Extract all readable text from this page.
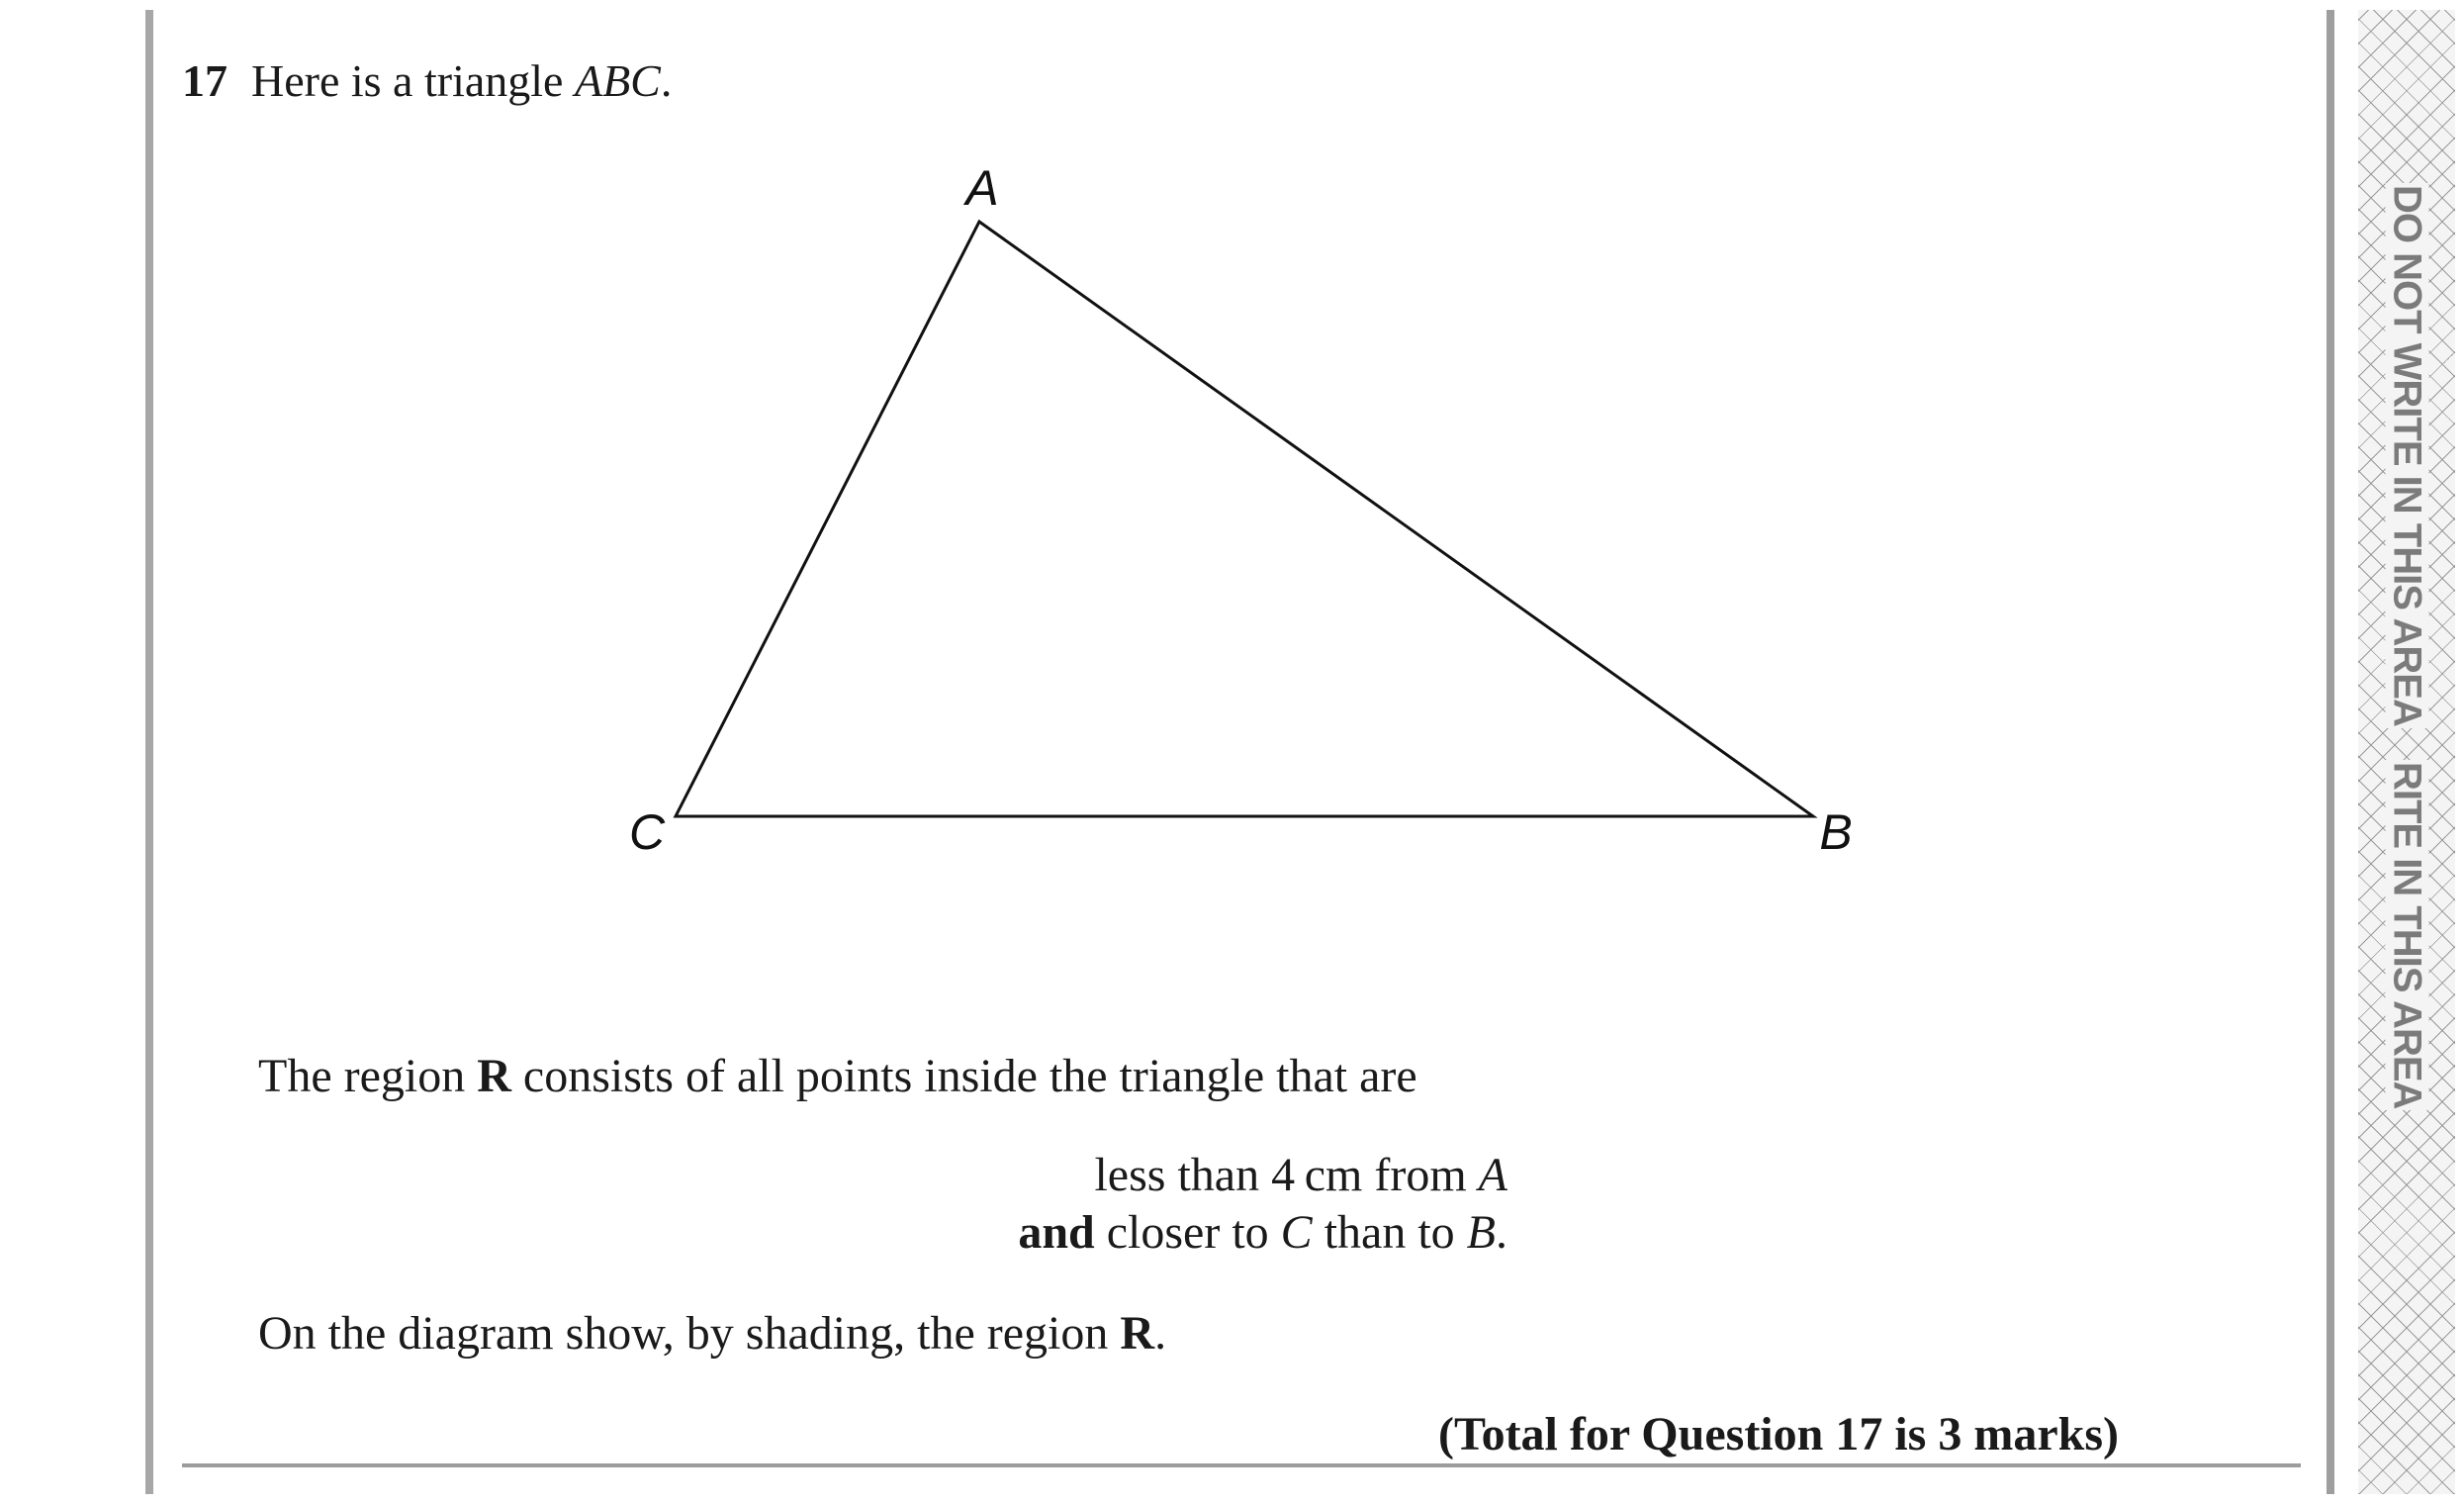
17 Here is a triangle ABC.
A
B
C
The region R consists of all points inside the triangle that are
less than 4 cm from A
and closer to C than to B.
On the diagram show, by shading, the region R.
(Total for Question 17 is 3 marks)
DO NOT WRITE IN THIS AREA RITE IN THIS AREA
